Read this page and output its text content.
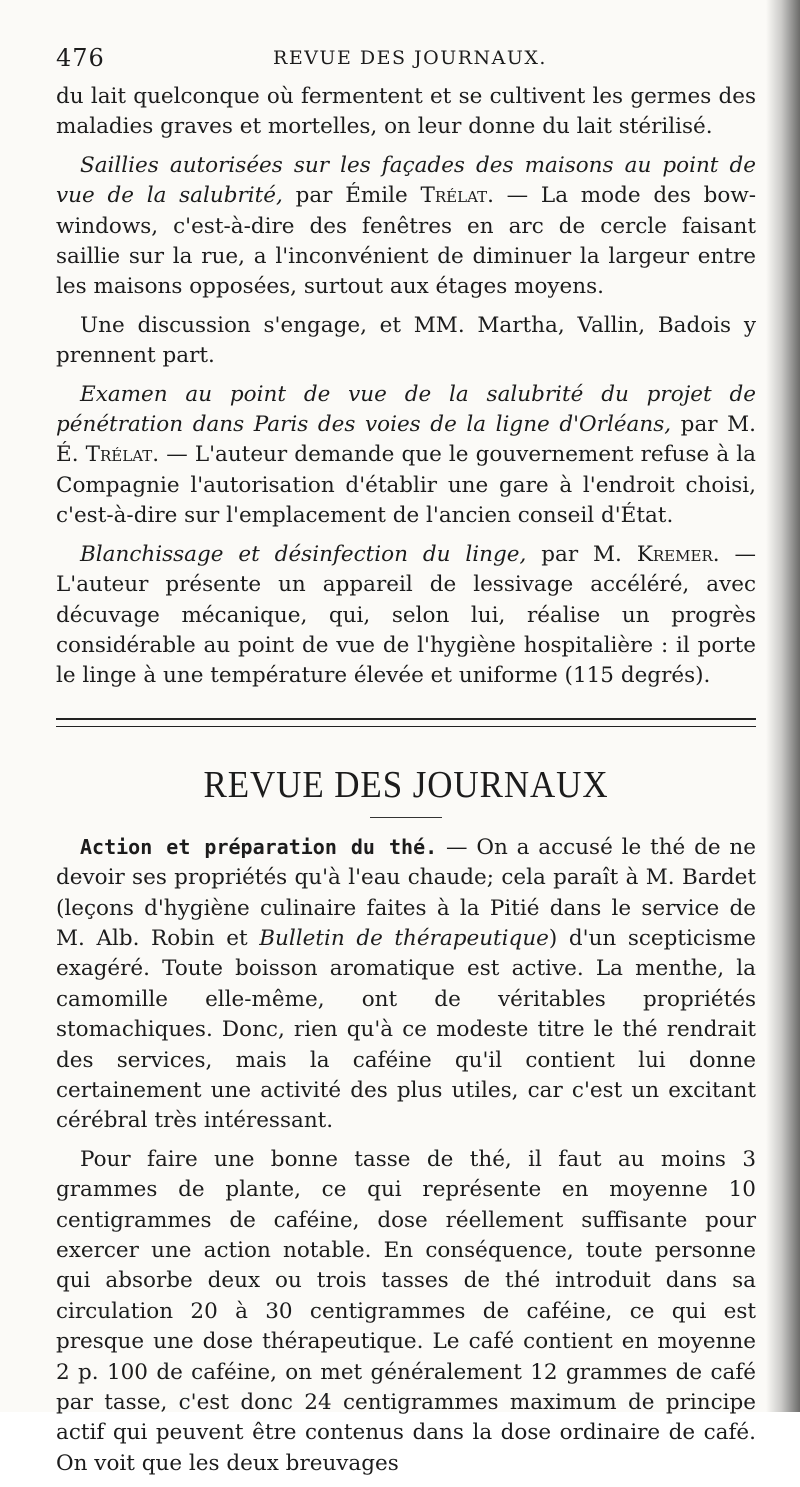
476	REVUE DES JOURNAUX.

du lait quelconque où fermentent et se cultivent les germes des maladies graves et mortelles, on leur donne du lait stérilisé.

Saillies autorisées sur les façades des maisons au point de vue de la salubrité, par Émile Trélat. — La mode des bow-windows, c'est-à-dire des fenêtres en arc de cercle faisant saillie sur la rue, a l'inconvénient de diminuer la largeur entre les maisons opposées, surtout aux étages moyens.

Une discussion s'engage, et MM. Martha, Vallin, Badois y prennent part.

Examen au point de vue de la salubrité du projet de pénétration dans Paris des voies de la ligne d'Orléans, par M. É. Trélat. — L'auteur demande que le gouvernement refuse à la Compagnie l'autorisation d'établir une gare à l'endroit choisi, c'est-à-dire sur l'emplacement de l'ancien conseil d'État.

Blanchissage et désinfection du linge, par M. Kremer. — L'auteur présente un appareil de lessivage accéléré, avec décuvage mécanique, qui, selon lui, réalise un progrès considérable au point de vue de l'hygiène hospitalière : il porte le linge à une température élevée et uniforme (115 degrés).

REVUE DES JOURNAUX

Action et préparation du thé. — On a accusé le thé de ne devoir ses propriétés qu'à l'eau chaude; cela paraît à M. Bardet (leçons d'hygiène culinaire faites à la Pitié dans le service de M. Alb. Robin et Bulletin de thérapeutique) d'un scepticisme exagéré. Toute boisson aromatique est active. La menthe, la camomille elle-même, ont de véritables propriétés stomachiques. Donc, rien qu'à ce modeste titre le thé rendrait des services, mais la caféine qu'il contient lui donne certainement une activité des plus utiles, car c'est un excitant cérébral très intéressant.

Pour faire une bonne tasse de thé, il faut au moins 3 grammes de plante, ce qui représente en moyenne 10 centigrammes de caféine, dose réellement suffisante pour exercer une action notable. En conséquence, toute personne qui absorbe deux ou trois tasses de thé introduit dans sa circulation 20 à 30 centigrammes de caféine, ce qui est presque une dose thérapeutique. Le café contient en moyenne 2 p. 100 de caféine, on met généralement 12 grammes de café par tasse, c'est donc 24 centigrammes maximum de principe actif qui peuvent être contenus dans la dose ordinaire de café. On voit que les deux breuvages
